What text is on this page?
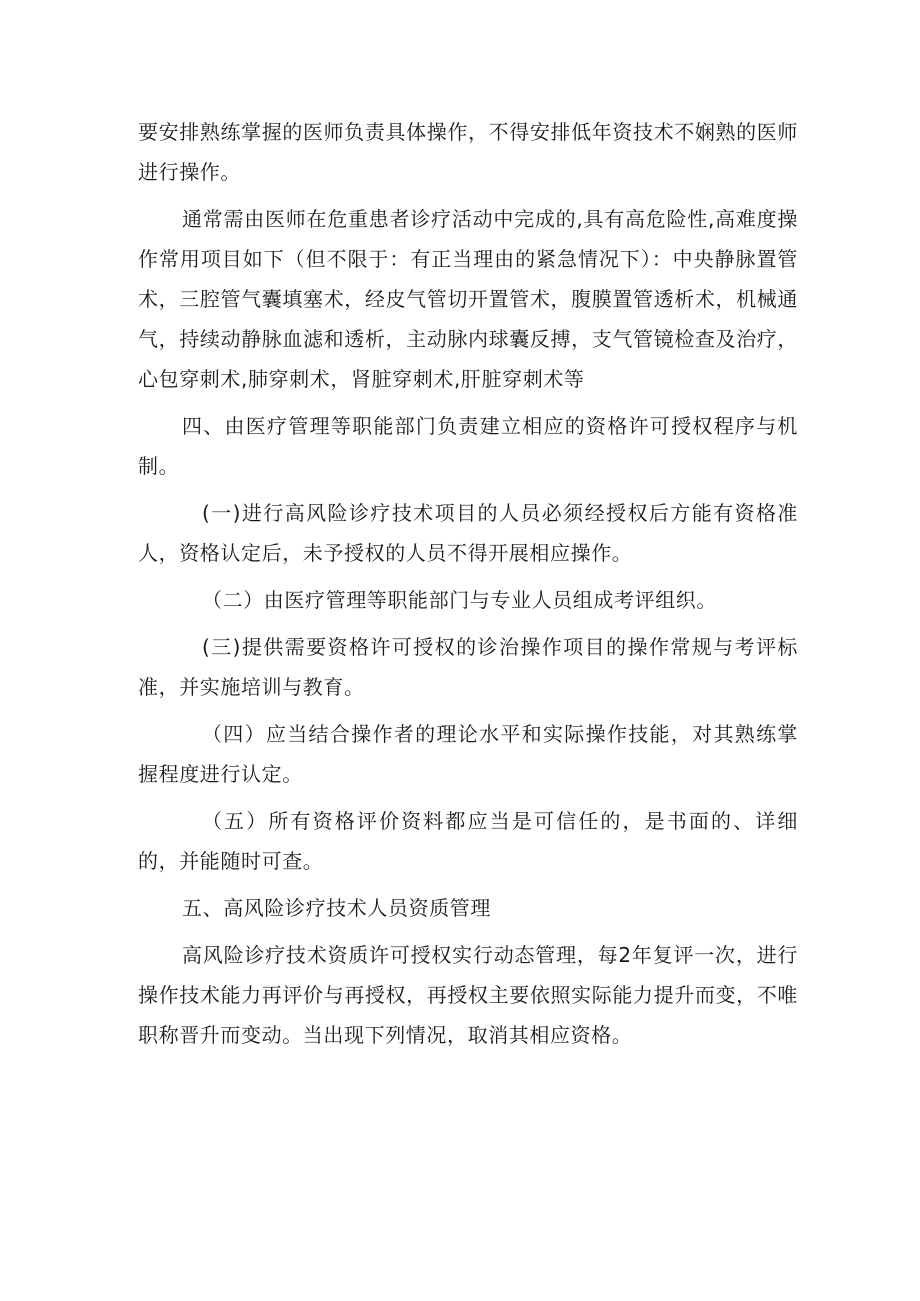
要安排熟练掌握的医师负责具体操作，不得安排低年资技术不娴熟的医师进行操作。

通常需由医师在危重患者诊疗活动中完成的,具有高危险性,高难度操作常用项目如下（但不限于：有正当理由的紧急情况下）：中央静脉置管术，三腔管气囊填塞术，经皮气管切开置管术，腹膜置管透析术，机械通气，持续动静脉血滤和透析，主动脉内球囊反搏，支气管镜检查及治疗，心包穿刺术,肺穿刺术，肾脏穿刺术,肝脏穿刺术等

四、由医疗管理等职能部门负责建立相应的资格许可授权程序与机制。

(一)进行高风险诊疗技术项目的人员必须经授权后方能有资格准人，资格认定后，未予授权的人员不得开展相应操作。

（二）由医疗管理等职能部门与专业人员组成考评组织。

(三)提供需要资格许可授权的诊治操作项目的操作常规与考评标准，并实施培训与教育。

（四）应当结合操作者的理论水平和实际操作技能，对其熟练掌握程度进行认定。

（五）所有资格评价资料都应当是可信任的，是书面的、详细的，并能随时可查。

五、高风险诊疗技术人员资质管理

高风险诊疗技术资质许可授权实行动态管理，每2年复评一次，进行操作技术能力再评价与再授权，再授权主要依照实际能力提升而变，不唯职称晋升而变动。当出现下列情况，取消其相应资格。
